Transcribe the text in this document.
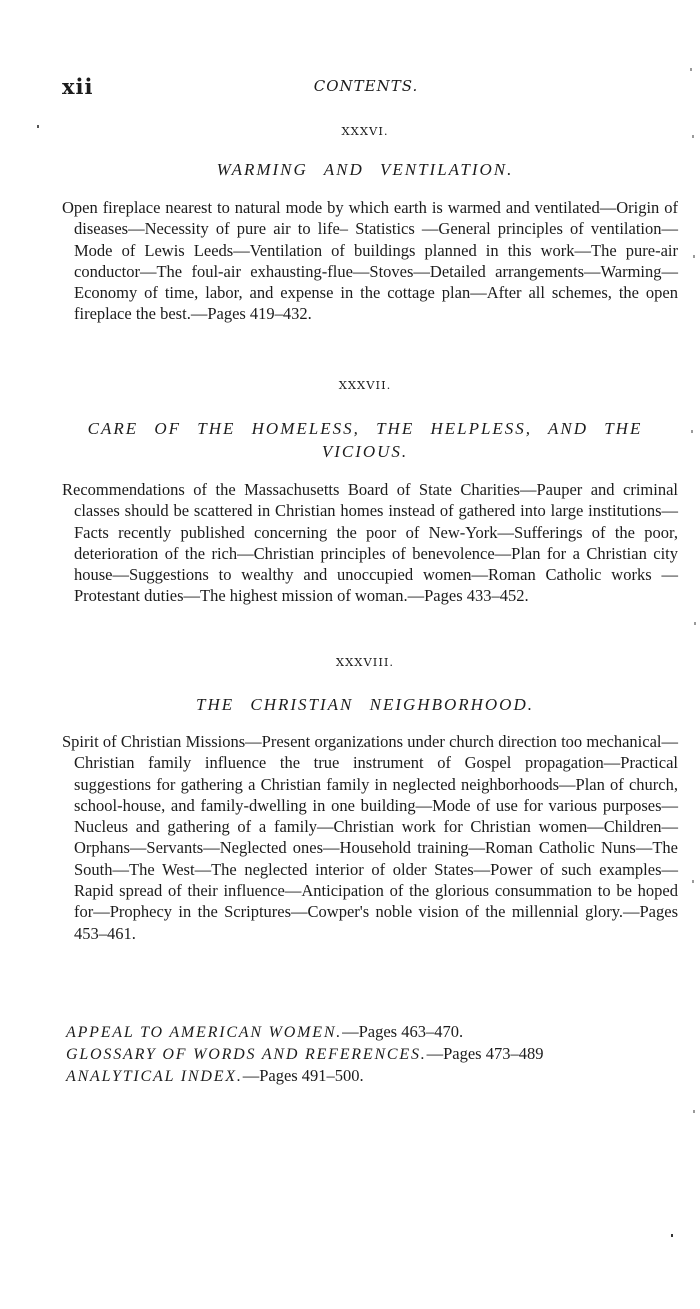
xii	CONTENTS.
XXXVI.
WARMING AND VENTILATION.

Open fireplace nearest to natural mode by which earth is warmed and ventilated—Origin of diseases—Necessity of pure air to life– Statistics —General principles of ventilation—Mode of Lewis Leeds—Ventilation of buildings planned in this work—The pure-air conductor—The foul-air exhausting-flue—Stoves—Detailed arrangements—Warming—Economy of time, labor, and expense in the cottage plan—After all schemes, the open fireplace the best.—Pages 419–432.

XXXVII.
CARE OF THE HOMELESS, THE HELPLESS, AND THE VICIOUS.

Recommendations of the Massachusetts Board of State Charities—Pauper and criminal classes should be scattered in Christian homes instead of gathered into large institutions—Facts recently published concerning the poor of New-York—Sufferings of the poor, deterioration of the rich—Christian principles of benevolence—Plan for a Christian city house—Suggestions to wealthy and unoccupied women—Roman Catholic works —Protestant duties—The highest mission of woman.—Pages 433–452.

XXXVIII.
THE CHRISTIAN NEIGHBORHOOD.

Spirit of Christian Missions—Present organizations under church direction too mechanical—Christian family influence the true instrument of Gospel propagation—Practical suggestions for gathering a Christian family in neglected neighborhoods—Plan of church, school-house, and family-dwelling in one building—Mode of use for various purposes—Nucleus and gathering of a family—Christian work for Christian women—Children—Orphans—Servants—Neglected ones—Household training—Roman Catholic Nuns—The South—The West—The neglected interior of older States—Power of such examples—Rapid spread of their influence—Anticipation of the glorious consummation to be hoped for—Prophecy in the Scriptures—Cowper's noble vision of the millennial glory.—Pages 453–461.

APPEAL TO AMERICAN WOMEN.—Pages 463–470.
GLOSSARY OF WORDS AND REFERENCES.—Pages 473–489
ANALYTICAL INDEX.—Pages 491–500.
